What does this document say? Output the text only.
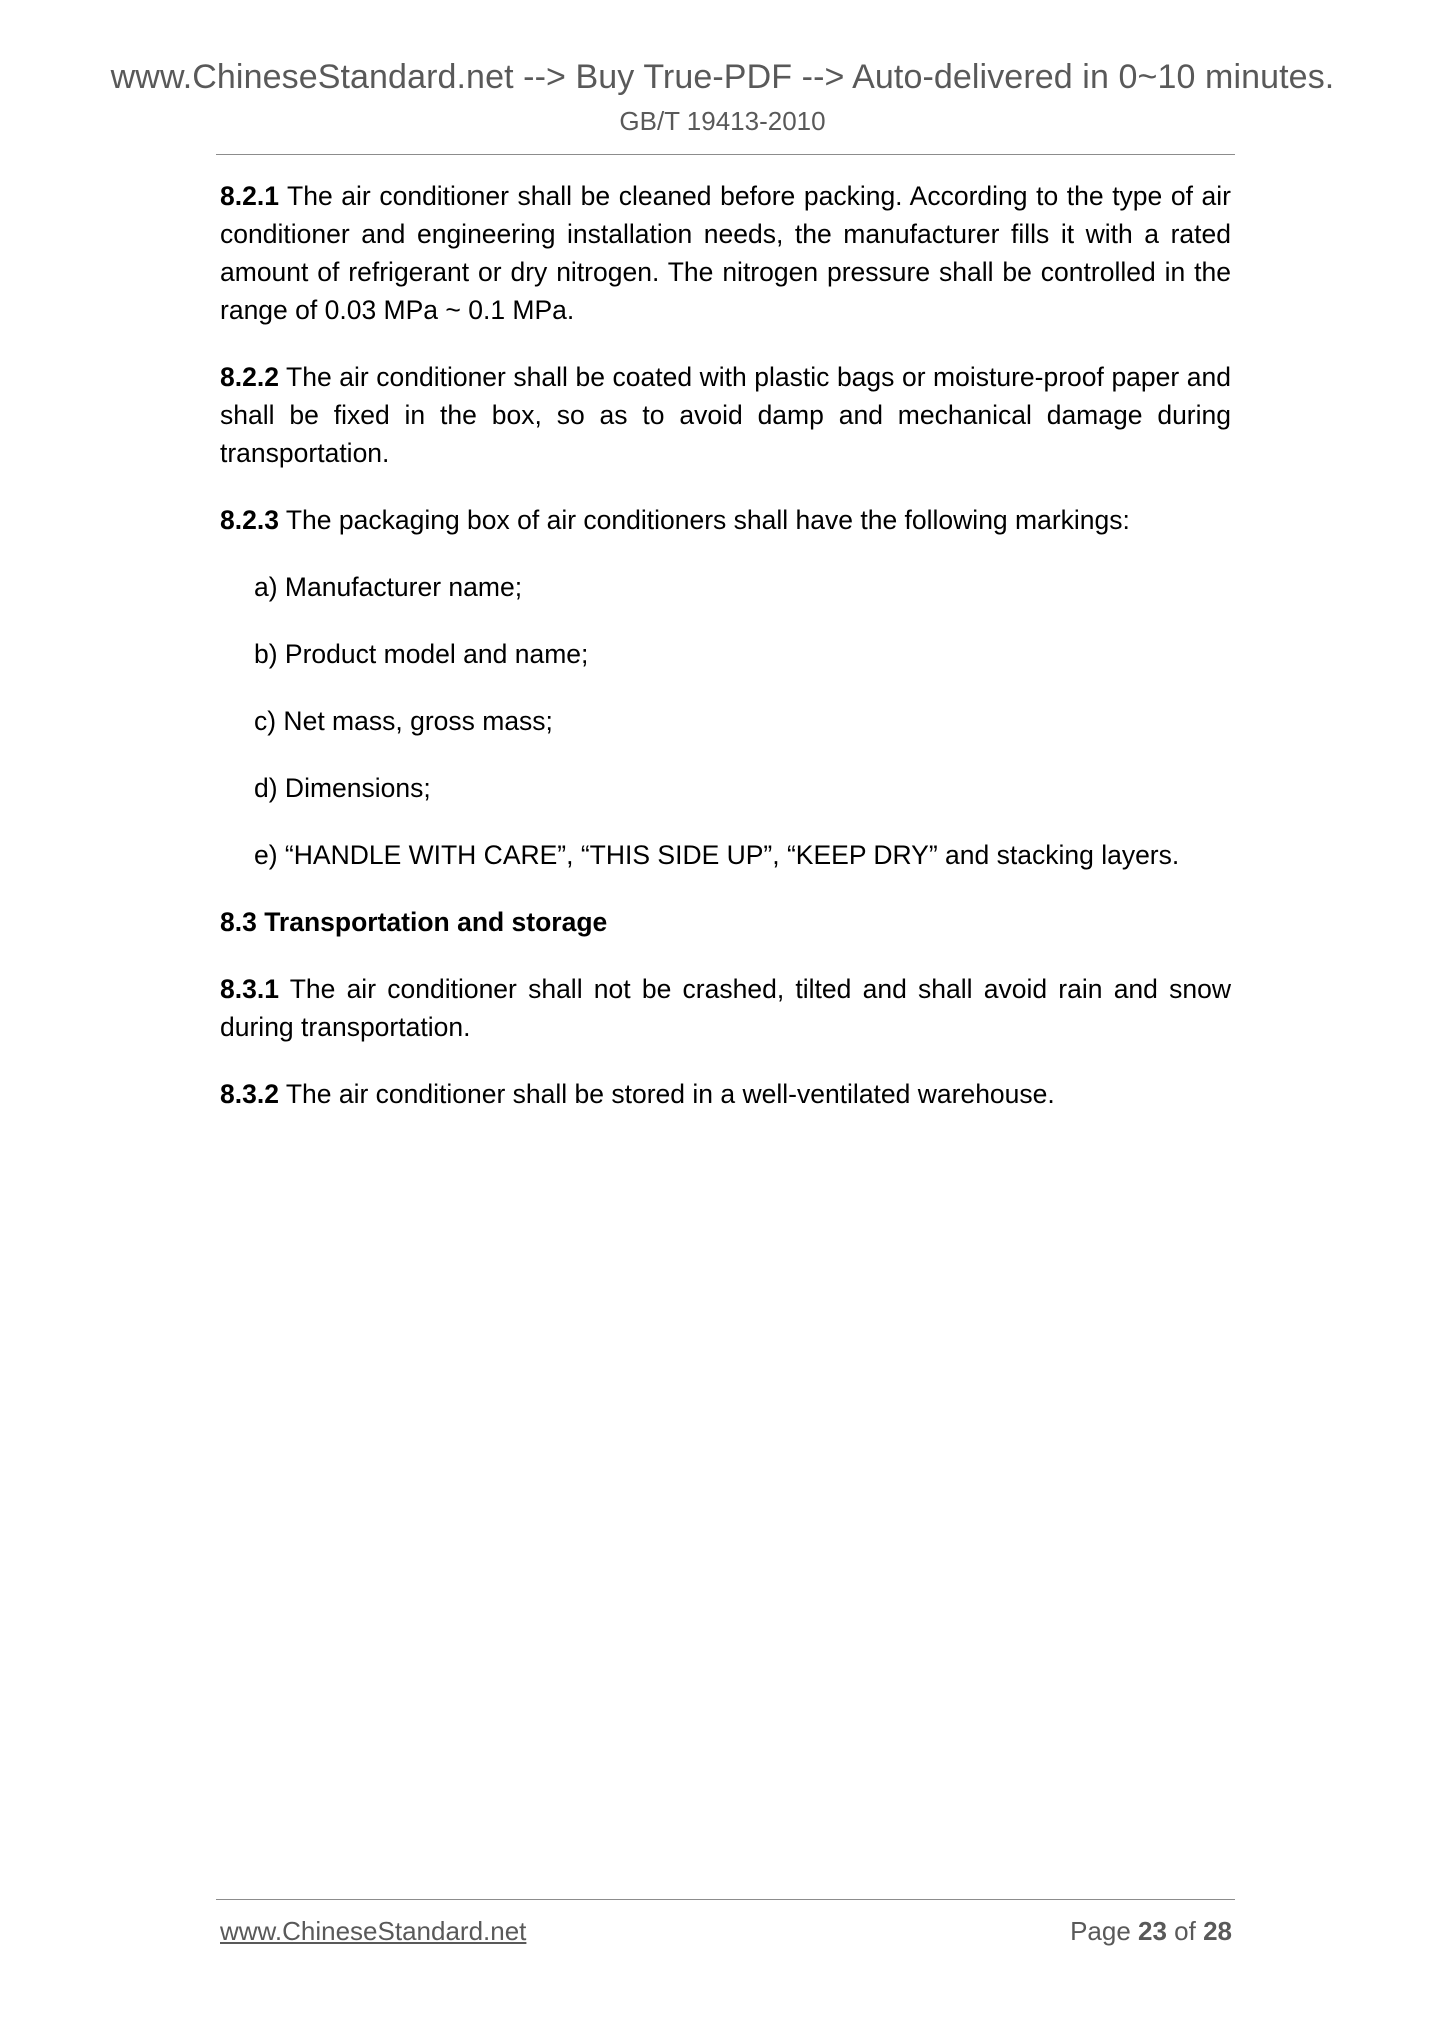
www.ChineseStandard.net --> Buy True-PDF --> Auto-delivered in 0~10 minutes.
GB/T 19413-2010

8.2.1 The air conditioner shall be cleaned before packing. According to the type of air conditioner and engineering installation needs, the manufacturer fills it with a rated amount of refrigerant or dry nitrogen. The nitrogen pressure shall be controlled in the range of 0.03 MPa ~ 0.1 MPa.

8.2.2 The air conditioner shall be coated with plastic bags or moisture-proof paper and shall be fixed in the box, so as to avoid damp and mechanical damage during transportation.

8.2.3 The packaging box of air conditioners shall have the following markings:

a) Manufacturer name;
b) Product model and name;
c) Net mass, gross mass;
d) Dimensions;
e) “HANDLE WITH CARE”, “THIS SIDE UP”, “KEEP DRY” and stacking layers.
8.3 Transportation and storage

8.3.1 The air conditioner shall not be crashed, tilted and shall avoid rain and snow during transportation.

8.3.2 The air conditioner shall be stored in a well-ventilated warehouse.

www.ChineseStandard.net	Page 23 of 28
